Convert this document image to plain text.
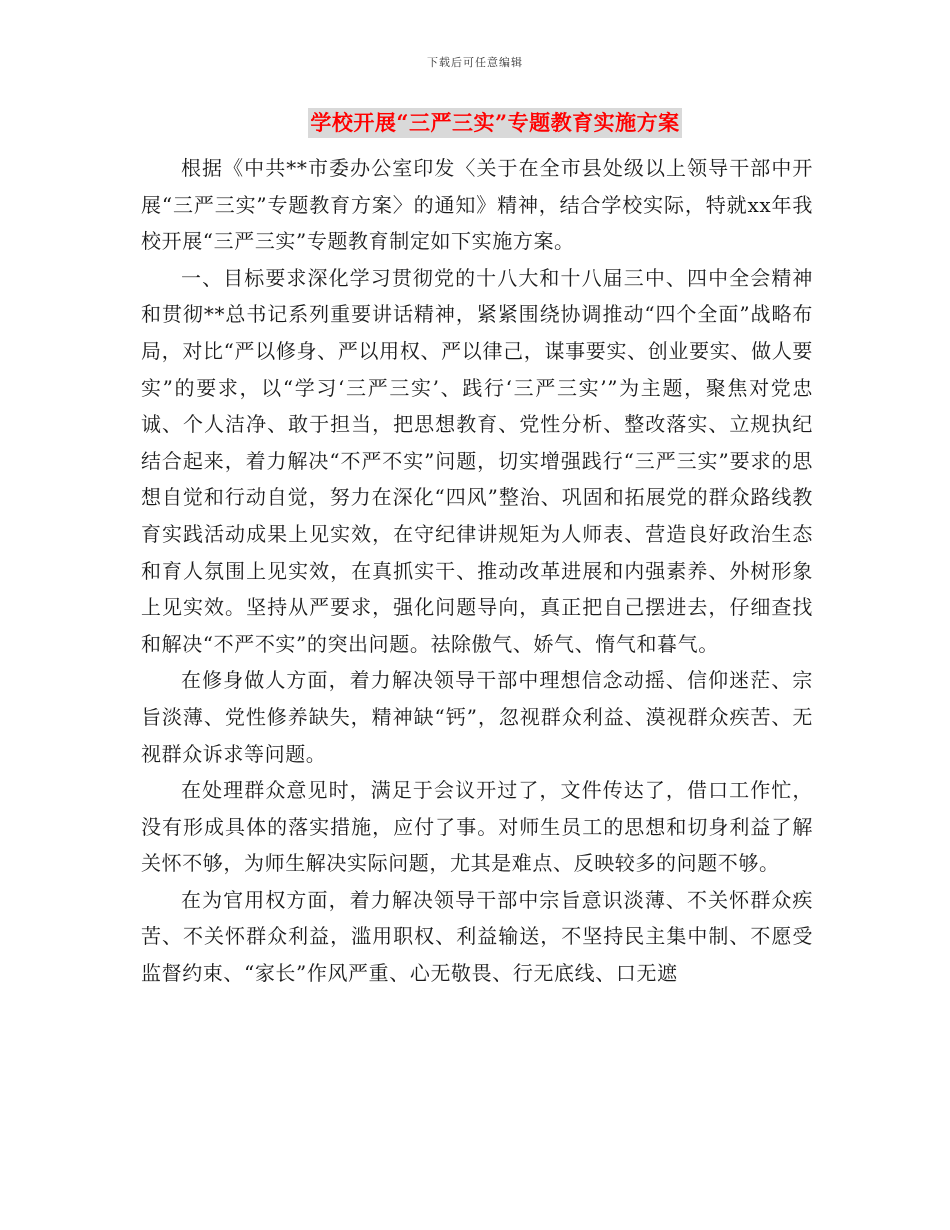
下载后可任意编辑
学校开展“三严三实”专题教育实施方案

根据《中共**市委办公室印发〈关于在全市县处级以上领导干部中开展“三严三实”专题教育方案〉的通知》精神，结合学校实际，特就xx年我校开展“三严三实”专题教育制定如下实施方案。

一、目标要求深化学习贯彻党的十八大和十八届三中、四中全会精神和贯彻**总书记系列重要讲话精神，紧紧围绕协调推动“四个全面”战略布局，对比“严以修身、严以用权、严以律己，谋事要实、创业要实、做人要实”的要求，以“学习‘三严三实’、践行‘三严三实’”为主题，聚焦对党忠诚、个人洁净、敢于担当，把思想教育、党性分析、整改落实、立规执纪结合起来，着力解决“不严不实”问题，切实增强践行“三严三实”要求的思想自觉和行动自觉，努力在深化“四风”整治、巩固和拓展党的群众路线教育实践活动成果上见实效，在守纪律讲规矩为人师表、营造良好政治生态和育人氛围上见实效，在真抓实干、推动改革进展和内强素养、外树形象上见实效。坚持从严要求，强化问题导向，真正把自己摆进去，仔细查找和解决“不严不实”的突出问题。祛除傲气、娇气、惰气和暮气。

在修身做人方面，着力解决领导干部中理想信念动摇、信仰迷茫、宗旨淡薄、党性修养缺失，精神缺“钙”，忽视群众利益、漠视群众疾苦、无视群众诉求等问题。

在处理群众意见时，满足于会议开过了，文件传达了，借口工作忙，没有形成具体的落实措施，应付了事。对师生员工的思想和切身利益了解关怀不够，为师生解决实际问题，尤其是难点、反映较多的问题不够。

在为官用权方面，着力解决领导干部中宗旨意识淡薄、不关怀群众疾苦、不关怀群众利益，滥用职权、利益输送，不坚持民主集中制、不愿受监督约束、“家长”作风严重、心无敬畏、行无底线、口无遮
